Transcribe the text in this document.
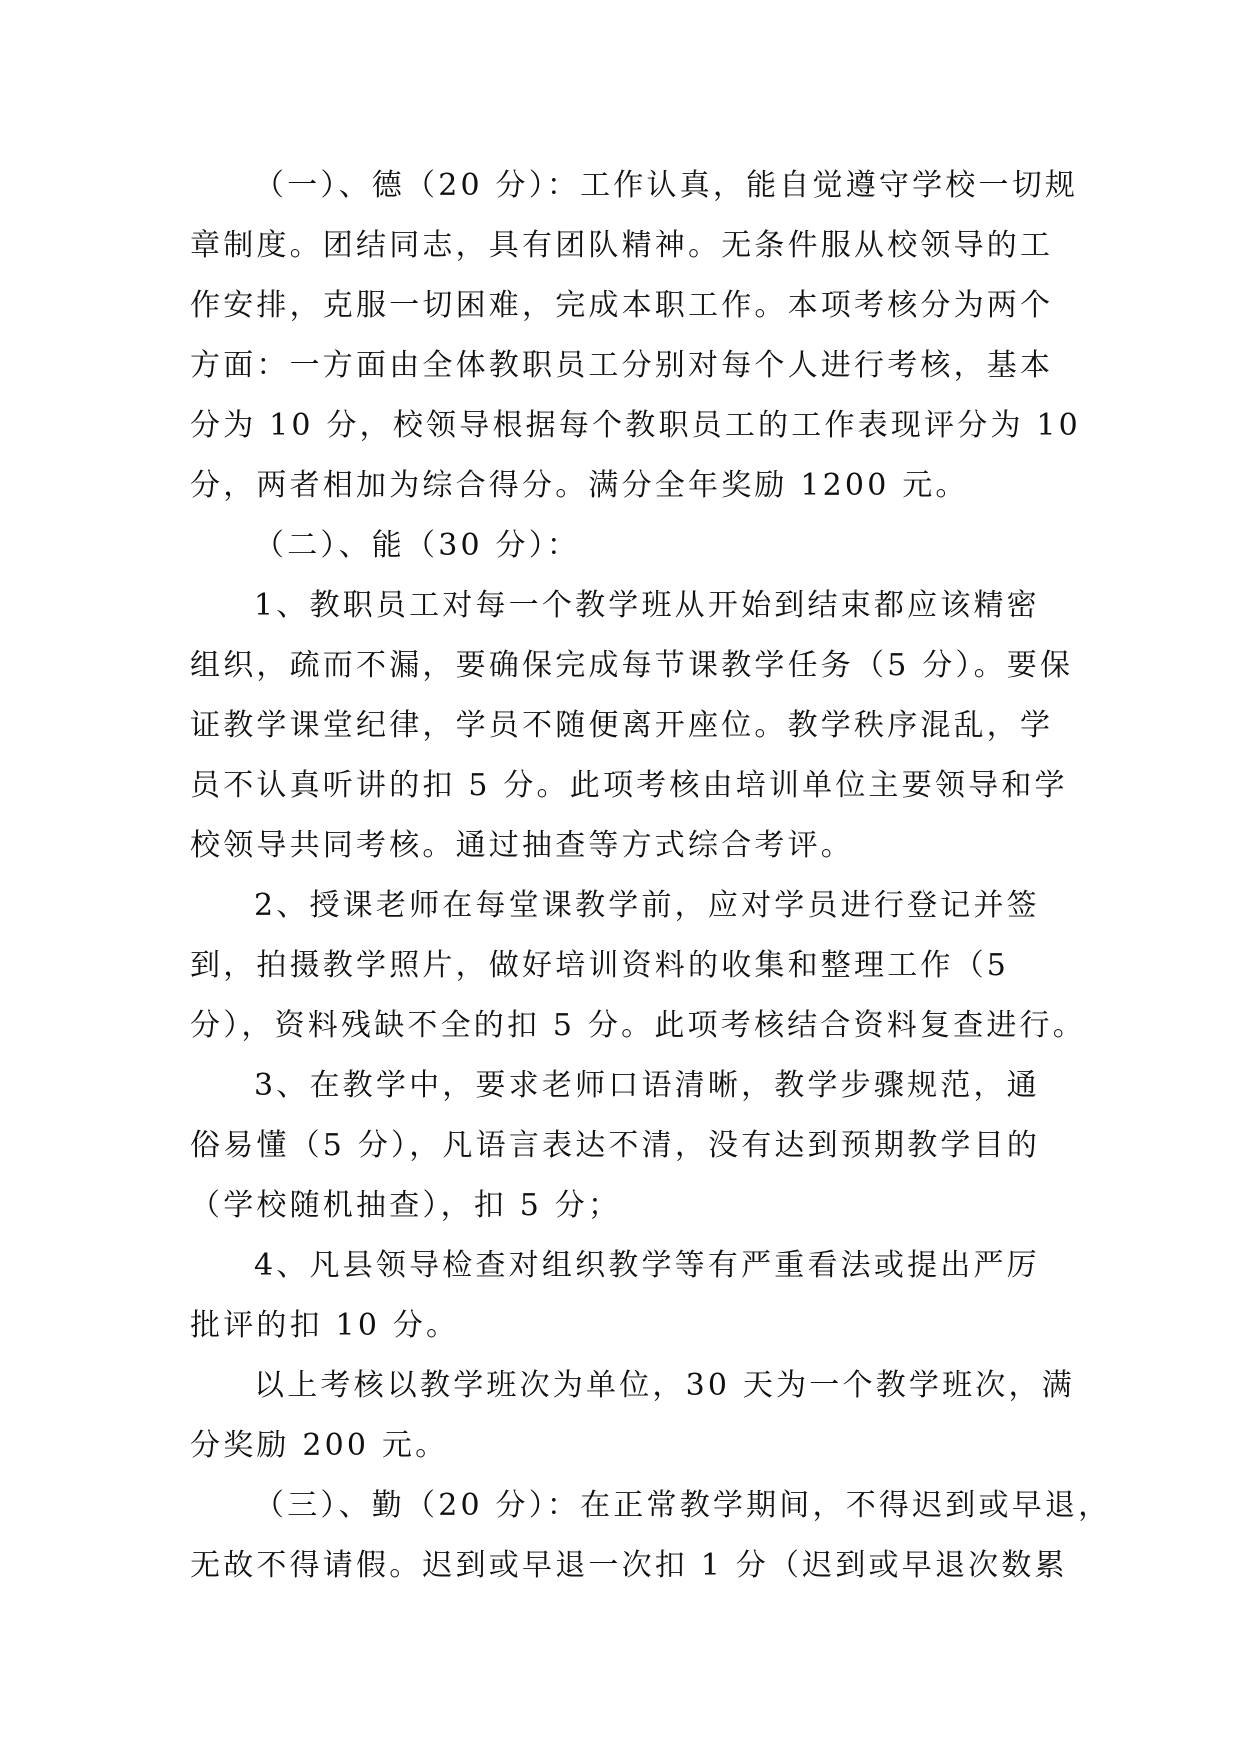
（一）、德（20 分）：工作认真，能自觉遵守学校一切规
章制度。团结同志，具有团队精神。无条件服从校领导的工
作安排，克服一切困难，完成本职工作。本项考核分为两个
方面：一方面由全体教职员工分别对每个人进行考核，基本
分为 10 分，校领导根据每个教职员工的工作表现评分为 10
分，两者相加为综合得分。满分全年奖励 1200 元。
（二）、能（30 分）：
1、教职员工对每一个教学班从开始到结束都应该精密
组织，疏而不漏，要确保完成每节课教学任务（5 分）。要保
证教学课堂纪律，学员不随便离开座位。教学秩序混乱，学
员不认真听讲的扣 5 分。此项考核由培训单位主要领导和学
校领导共同考核。通过抽查等方式综合考评。
2、授课老师在每堂课教学前，应对学员进行登记并签
到，拍摄教学照片，做好培训资料的收集和整理工作（5
分），资料残缺不全的扣 5 分。此项考核结合资料复查进行。
3、在教学中，要求老师口语清晰，教学步骤规范，通
俗易懂（5 分），凡语言表达不清，没有达到预期教学目的
（学校随机抽查），扣 5 分；
4、凡县领导检查对组织教学等有严重看法或提出严厉
批评的扣 10 分。
以上考核以教学班次为单位，30 天为一个教学班次，满
分奖励 200 元。
（三）、勤（20 分）：在正常教学期间，不得迟到或早退，
无故不得请假。迟到或早退一次扣 1 分（迟到或早退次数累
